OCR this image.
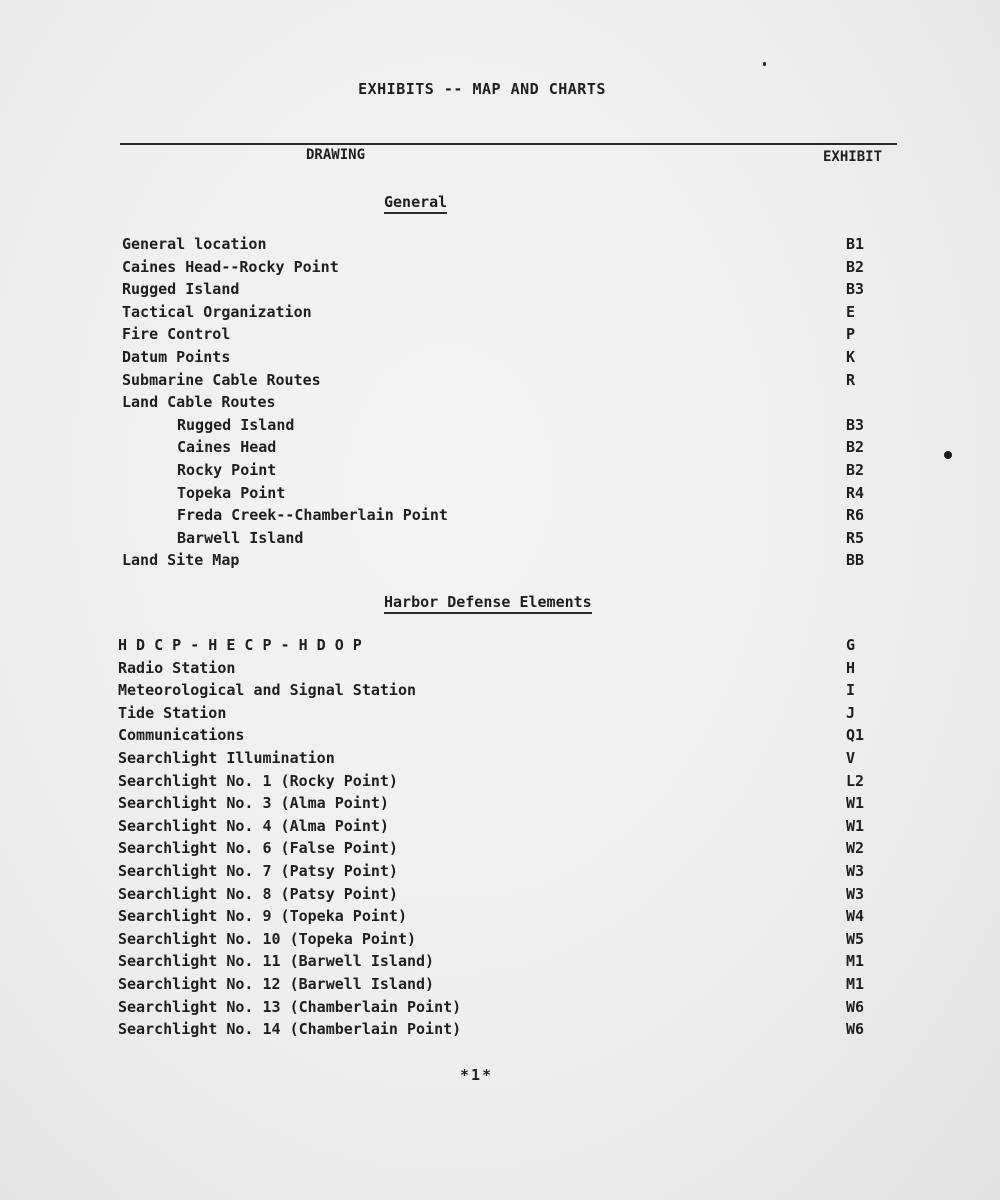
EXHIBITS -- MAP AND CHARTS
DRAWING	EXHIBIT
General
General location	B1
Caines Head--Rocky Point	B2
Rugged Island	B3
Tactical Organization	E
Fire Control	P
Datum Points	K
Submarine Cable Routes	R
Land Cable Routes
Rugged Island	B3
Caines Head	B2
Rocky Point	B2
Topeka Point	R4
Freda Creek--Chamberlain Point	R6
Barwell Island	R5
Land Site Map	BB
Harbor Defense Elements
H D C P - H E C P - H D O P	G
Radio Station	H
Meteorological and Signal Station	I
Tide Station	J
Communications	Q1
Searchlight Illumination	V
Searchlight No. 1 (Rocky Point)	L2
Searchlight No. 3 (Alma Point)	W1
Searchlight No. 4 (Alma Point)	W1
Searchlight No. 6 (False Point)	W2
Searchlight No. 7 (Patsy Point)	W3
Searchlight No. 8 (Patsy Point)	W3
Searchlight No. 9 (Topeka Point)	W4
Searchlight No. 10 (Topeka Point)	W5
Searchlight No. 11 (Barwell Island)	M1
Searchlight No. 12 (Barwell Island)	M1
Searchlight No. 13 (Chamberlain Point)	W6
Searchlight No. 14 (Chamberlain Point)	W6
*1*
